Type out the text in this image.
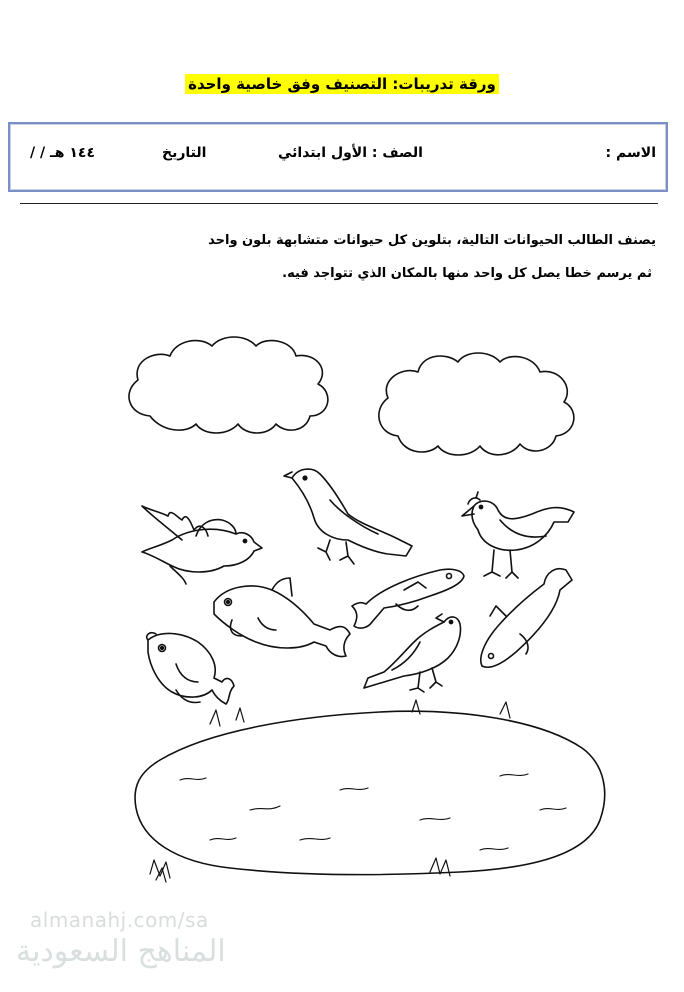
ورقة تدريبات: التصنيف وفق خاصية واحدة
الاسم :
الصف : الأول ابتدائي
التاريخ
/ / ١٤٤ هـ
يصنف الطالب الحيوانات التالية، بتلوين كل حيوانات متشابهة بلون واحد
ثم يرسم خطا يصل كل واحد منها بالمكان الذي تتواجد فيه.
almanahj.com/sa
المناهج السعودية
